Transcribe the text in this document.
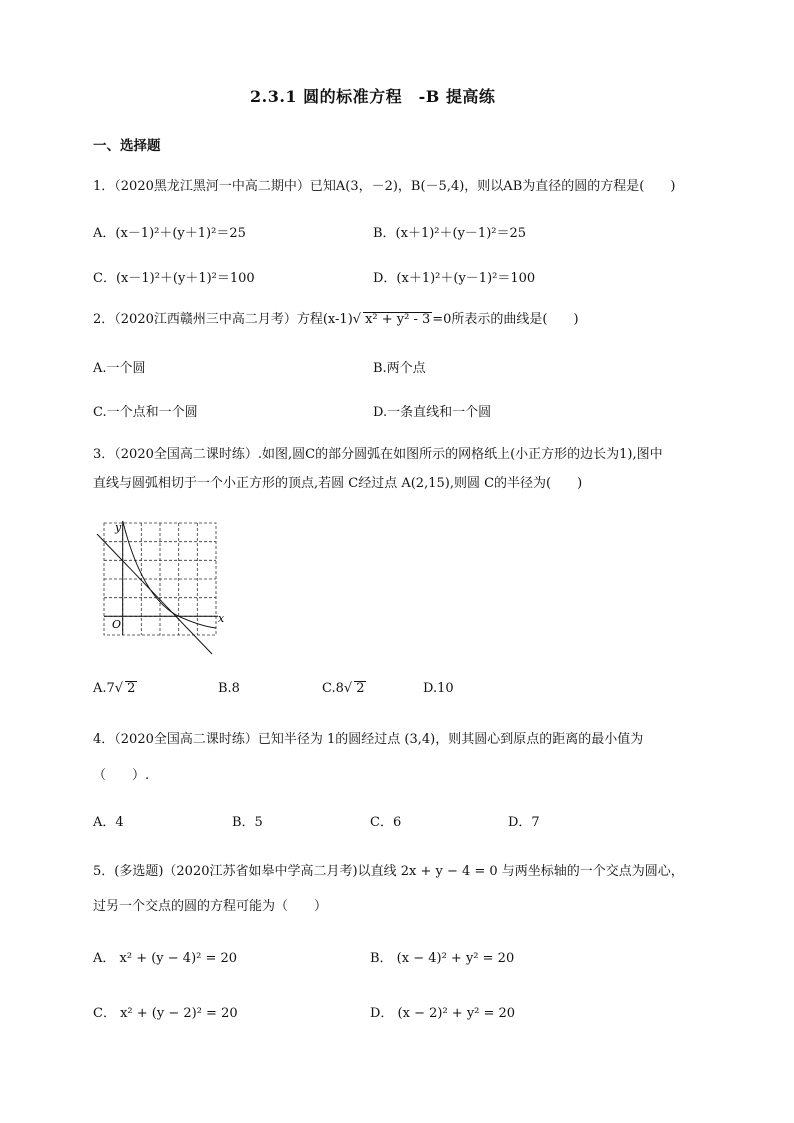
2.3.1 圆的标准方程　-B 提高练
一、选择题
1．（2020黑龙江黑河一中高二期中）已知A(3，－2)，B(－5,4)，则以AB为直径的圆的方程是(　　)
A．(x－1)²＋(y＋1)²＝25	B．(x＋1)²＋(y－1)²＝25
C．(x－1)²＋(y＋1)²＝100	D．(x＋1)²＋(y－1)²＝100
2．（2020江西赣州三中高二月考）方程(x-1)√ x² + y² - 3 =0所表示的曲线是(　　)
A.一个圆	B.两个点
C.一个点和一个圆	D.一条直线和一个圆
3．（2020全国高二课时练）.如图,圆C的部分圆弧在如图所示的网格纸上(小正方形的边长为1),图中
直线与圆弧相切于一个小正方形的顶点,若圆 C经过点 A(2,15),则圆 C的半径为(　　)
y
x
O
A.7√ 2	B.8	C.8√ 2	D.10
4．（2020全国高二课时练）已知半径为 1的圆经过点 (3,4)，则其圆心到原点的距离的最小值为
（　　）.
A．4	B．5	C．6	D．7
5．(多选题)（2020江苏省如皋中学高二月考)以直线 2x + y − 4 = 0 与两坐标轴的一个交点为圆心，
过另一个交点的圆的方程可能为（　　）
A． x² + (y − 4)² = 20	B． (x − 4)² + y² = 20
C． x² + (y − 2)² = 20	D． (x − 2)² + y² = 20
